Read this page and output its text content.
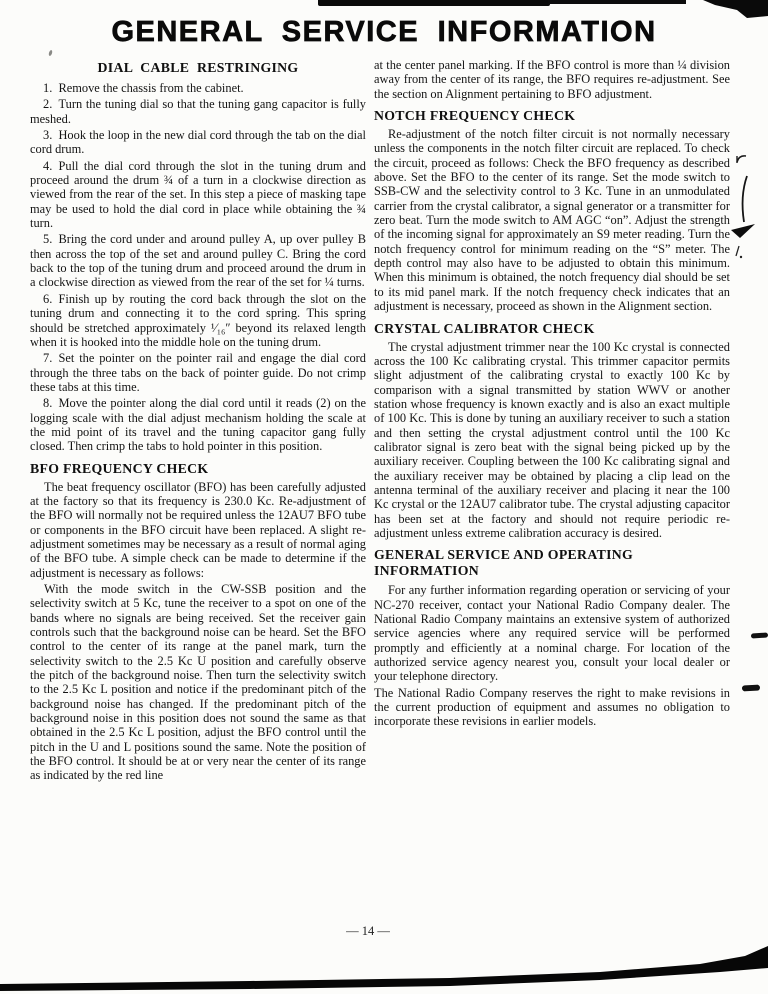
GENERAL SERVICE INFORMATION
DIAL CABLE RESTRINGING

1. Remove the chassis from the cabinet.

2. Turn the tuning dial so that the tuning gang capacitor is fully meshed.

3. Hook the loop in the new dial cord through the tab on the dial cord drum.

4. Pull the dial cord through the slot in the tuning drum and proceed around the drum ¾ of a turn in a clockwise direction as viewed from the rear of the set. In this step a piece of masking tape may be used to hold the dial cord in place while obtaining the ¾ turn.

5. Bring the cord under and around pulley A, up over pulley B then across the top of the set and around pulley C. Bring the cord back to the top of the tuning drum and proceed around the drum in a clockwise direction as viewed from the rear of the set for ¼ turns.

6. Finish up by routing the cord back through the slot on the tuning drum and connecting it to the cord spring. This spring should be stretched approximately ¹⁄₁₆″ beyond its relaxed length when it is hooked into the middle hole on the tuning drum.

7. Set the pointer on the pointer rail and engage the dial cord through the three tabs on the back of pointer guide. Do not crimp these tabs at this time.

8. Move the pointer along the dial cord until it reads (2) on the logging scale with the dial adjust mechanism holding the scale at the mid point of its travel and the tuning capacitor gang fully closed. Then crimp the tabs to hold pointer in this position.

BFO FREQUENCY CHECK

The beat frequency oscillator (BFO) has been carefully adjusted at the factory so that its frequency is 230.0 Kc. Re-adjustment of the BFO will normally not be required unless the 12AU7 BFO tube or components in the BFO circuit have been replaced. A slight re-adjustment sometimes may be necessary as a result of normal aging of the BFO tube. A simple check can be made to determine if the adjustment is necessary as follows:

With the mode switch in the CW-SSB position and the selectivity switch at 5 Kc, tune the receiver to a spot on one of the bands where no signals are being received. Set the receiver gain controls such that the background noise can be heard. Set the BFO control to the center of its range at the panel mark, turn the selectivity switch to the 2.5 Kc U position and carefully observe the pitch of the background noise. Then turn the selectivity switch to the 2.5 Kc L position and notice if the predominant pitch of the background noise has changed. If the predominant pitch of the background noise in this position does not sound the same as that obtained in the 2.5 Kc L position, adjust the BFO control until the pitch in the U and L positions sound the same. Note the position of the BFO control. It should be at or very near the center of its range as indicated by the red line

at the center panel marking. If the BFO control is more than ¼ division away from the center of its range, the BFO requires re-adjustment. See the section on Alignment pertaining to BFO adjustment.

NOTCH FREQUENCY CHECK

Re-adjustment of the notch filter circuit is not normally necessary unless the components in the notch filter circuit are replaced. To check the circuit, proceed as follows: Check the BFO frequency as described above. Set the BFO to the center of its range. Set the mode switch to SSB-CW and the selectivity control to 3 Kc. Tune in an unmodulated carrier from the crystal calibrator, a signal generator or a transmitter for zero beat. Turn the mode switch to AM AGC “on”. Adjust the strength of the incoming signal for approximately an S9 meter reading. Turn the notch frequency control for minimum reading on the “S” meter. The depth control may also have to be adjusted to obtain this minimum. When this minimum is obtained, the notch frequency dial should be set to its mid panel mark. If the notch frequency check indicates that an adjustment is necessary, proceed as shown in the Alignment section.

CRYSTAL CALIBRATOR CHECK

The crystal adjustment trimmer near the 100 Kc crystal is connected across the 100 Kc calibrating crystal. This trimmer capacitor permits slight adjustment of the calibrating crystal to exactly 100 Kc by comparison with a signal transmitted by station WWV or another station whose frequency is known exactly and is also an exact multiple of 100 Kc. This is done by tuning an auxiliary receiver to such a station and then setting the crystal adjustment control until the 100 Kc calibrator signal is zero beat with the signal being picked up by the auxiliary receiver. Coupling between the 100 Kc calibrating signal and the auxiliary receiver may be obtained by placing a clip lead on the antenna terminal of the auxiliary receiver and placing it near the 100 Kc crystal or the 12AU7 calibrator tube. The crystal adjusting capacitor has been set at the factory and should not require periodic re-adjustment unless extreme calibration accuracy is desired.

GENERAL SERVICE AND OPERATING INFORMATION

For any further information regarding operation or servicing of your NC-270 receiver, contact your National Radio Company dealer. The National Radio Company maintains an extensive system of authorized service agencies where any required service will be performed promptly and efficiently at a nominal charge. For location of the authorized service agency nearest you, consult your local dealer or your telephone directory.

The National Radio Company reserves the right to make revisions in the current production of equipment and assumes no obligation to incorporate these revisions in earlier models.

— 14 —
